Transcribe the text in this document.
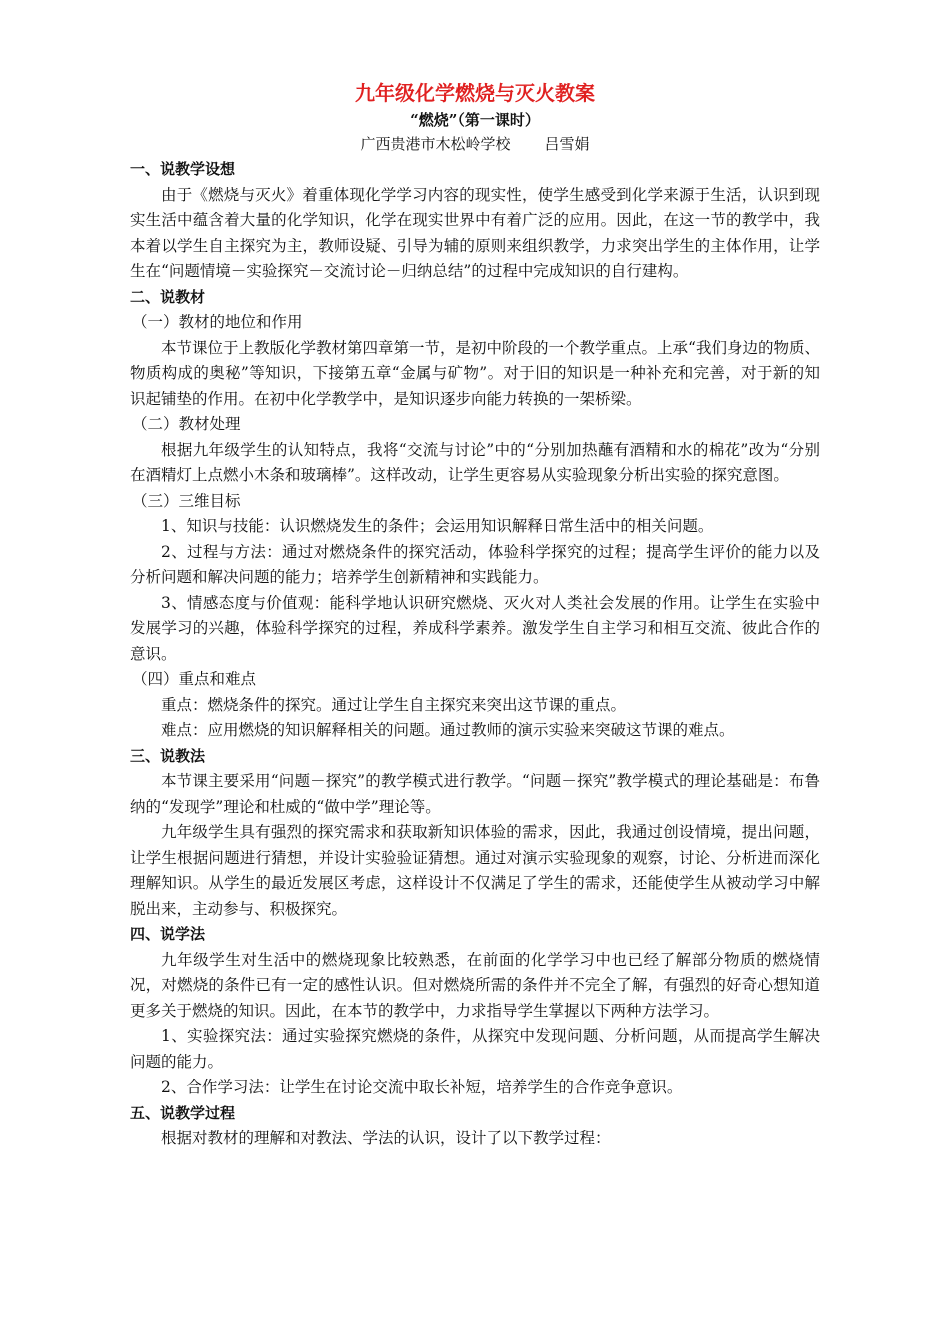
九年级化学燃烧与灭火教案

“燃烧”（第一课时）

广西贵港市木松岭学校 吕雪娟

一、说教学设想

由于《燃烧与灭火》着重体现化学学习内容的现实性，使学生感受到化学来源于生活，认识到现实生活中蕴含着大量的化学知识，化学在现实世界中有着广泛的应用。因此，在这一节的教学中，我本着以学生自主探究为主，教师设疑、引导为辅的原则来组织教学，力求突出学生的主体作用，让学生在“问题情境－实验探究－交流讨论－归纳总结”的过程中完成知识的自行建构。

二、说教材
（一）教材的地位和作用

本节课位于上教版化学教材第四章第一节，是初中阶段的一个教学重点。上承“我们身边的物质、物质构成的奥秘”等知识，下接第五章“金属与矿物”。对于旧的知识是一种补充和完善，对于新的知识起铺垫的作用。在初中化学教学中，是知识逐步向能力转换的一架桥梁。

（二）教材处理

根据九年级学生的认知特点，我将“交流与讨论”中的“分别加热蘸有酒精和水的棉花”改为“分别在酒精灯上点燃小木条和玻璃棒”。这样改动，让学生更容易从实验现象分析出实验的探究意图。

（三）三维目标

1、知识与技能：认识燃烧发生的条件；会运用知识解释日常生活中的相关问题。

2、过程与方法：通过对燃烧条件的探究活动，体验科学探究的过程；提高学生评价的能力以及分析问题和解决问题的能力；培养学生创新精神和实践能力。

3、情感态度与价值观：能科学地认识研究燃烧、灭火对人类社会发展的作用。让学生在实验中发展学习的兴趣，体验科学探究的过程，养成科学素养。激发学生自主学习和相互交流、彼此合作的意识。

（四）重点和难点

重点：燃烧条件的探究。通过让学生自主探究来突出这节课的重点。

难点：应用燃烧的知识解释相关的问题。通过教师的演示实验来突破这节课的难点。

三、说教法

本节课主要采用“问题－探究”的教学模式进行教学。“问题－探究”教学模式的理论基础是：布鲁纳的“发现学”理论和杜威的“做中学”理论等。

九年级学生具有强烈的探究需求和获取新知识体验的需求，因此，我通过创设情境，提出问题，让学生根据问题进行猜想，并设计实验验证猜想。通过对演示实验现象的观察，讨论、分析进而深化理解知识。从学生的最近发展区考虑，这样设计不仅满足了学生的需求，还能使学生从被动学习中解脱出来，主动参与、积极探究。

四、说学法

九年级学生对生活中的燃烧现象比较熟悉，在前面的化学学习中也已经了解部分物质的燃烧情况，对燃烧的条件已有一定的感性认识。但对燃烧所需的条件并不完全了解，有强烈的好奇心想知道更多关于燃烧的知识。因此，在本节的教学中，力求指导学生掌握以下两种方法学习。

1、实验探究法：通过实验探究燃烧的条件，从探究中发现问题、分析问题，从而提高学生解决问题的能力。

2、合作学习法：让学生在讨论交流中取长补短，培养学生的合作竞争意识。

五、说教学过程

根据对教材的理解和对教法、学法的认识，设计了以下教学过程：
